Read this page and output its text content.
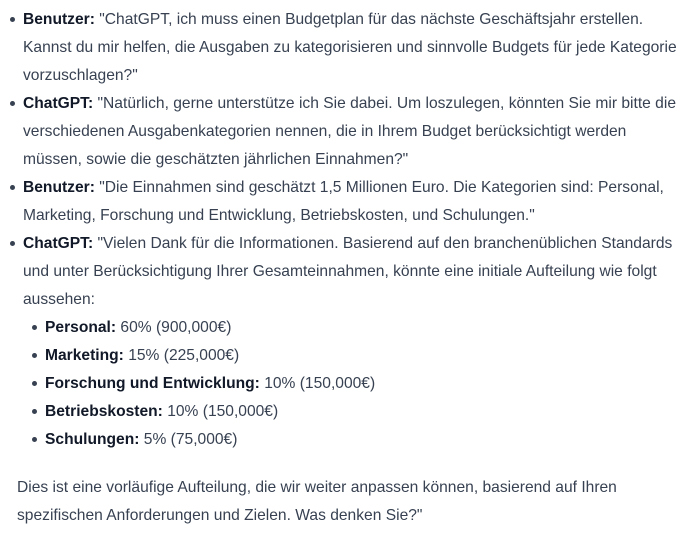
Benutzer: "ChatGPT, ich muss einen Budgetplan für das nächste Geschäftsjahr erstellen. Kannst du mir helfen, die Ausgaben zu kategorisieren und sinnvolle Budgets für jede Kategorie vorzuschlagen?"
ChatGPT: "Natürlich, gerne unterstütze ich Sie dabei. Um loszulegen, könnten Sie mir bitte die verschiedenen Ausgabenkategorien nennen, die in Ihrem Budget berücksichtigt werden müssen, sowie die geschätzten jährlichen Einnahmen?"
Benutzer: "Die Einnahmen sind geschätzt 1,5 Millionen Euro. Die Kategorien sind: Personal, Marketing, Forschung und Entwicklung, Betriebskosten, und Schulungen."
ChatGPT: "Vielen Dank für die Informationen. Basierend auf den branchenüblichen Standards und unter Berücksichtigung Ihrer Gesamteinnahmen, könnte eine initiale Aufteilung wie folgt aussehen:
Personal: 60% (900,000€)
Marketing: 15% (225,000€)
Forschung und Entwicklung: 10% (150,000€)
Betriebskosten: 10% (150,000€)
Schulungen: 5% (75,000€)

Dies ist eine vorläufige Aufteilung, die wir weiter anpassen können, basierend auf Ihren spezifischen Anforderungen und Zielen. Was denken Sie?"
